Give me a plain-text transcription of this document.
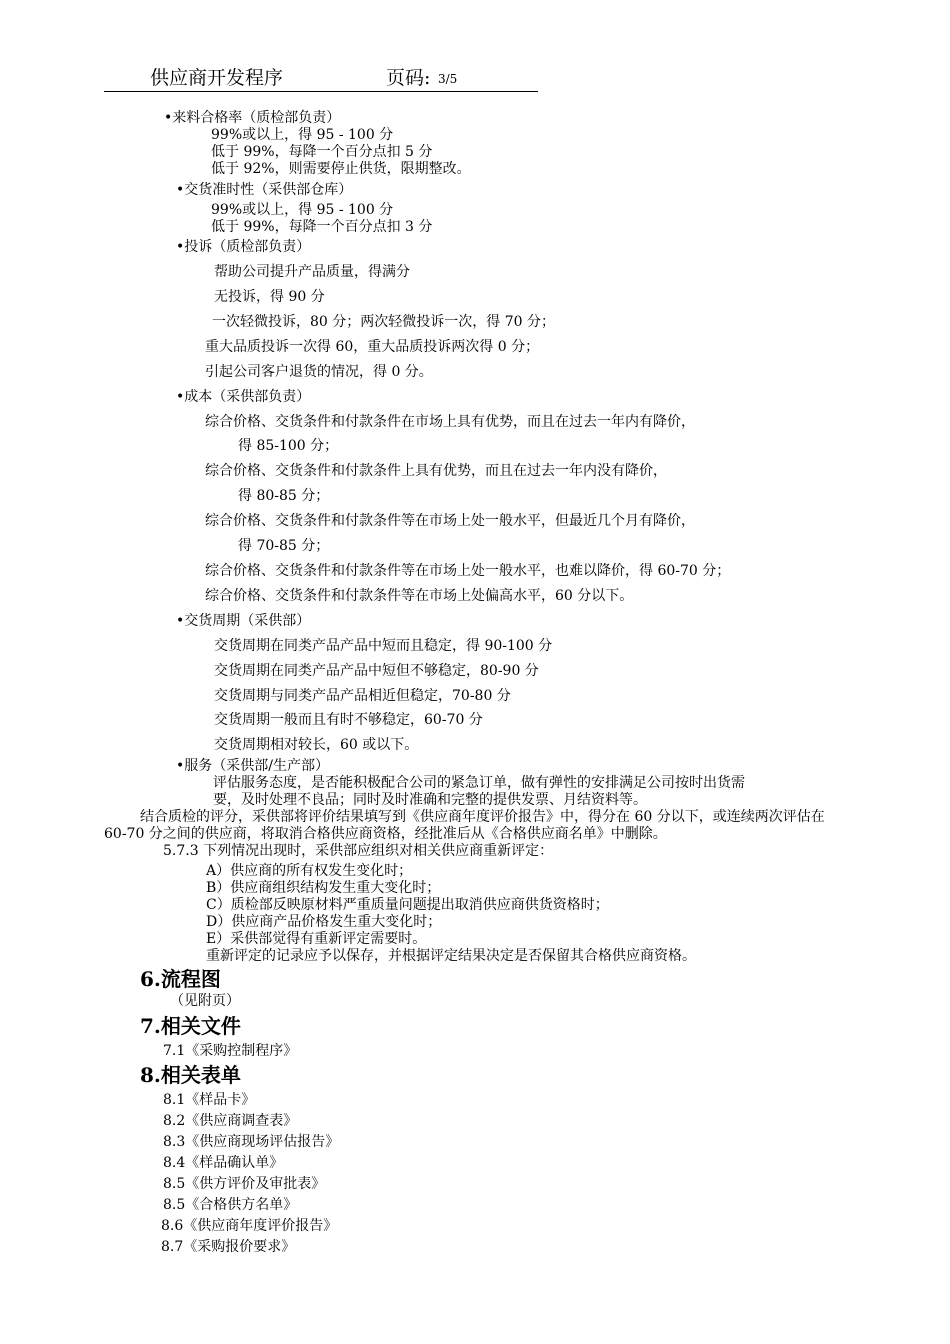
供应商开发程序	页码: 3/5
•来料合格率（质检部负责）
99%或以上，得 95 - 100 分
低于 99%，每降一个百分点扣 5 分
低于 92%，则需要停止供货，限期整改。
•交货准时性（采供部仓库）
99%或以上，得 95 - 100 分
低于 99%，每降一个百分点扣 3 分
•投诉（质检部负责）
帮助公司提升产品质量，得满分
无投诉，得 90 分
一次轻微投诉，80 分；两次轻微投诉一次，得 70 分；
重大品质投诉一次得 60，重大品质投诉两次得 0 分；
引起公司客户退货的情况，得 0 分。
•成本（采供部负责）
综合价格、交货条件和付款条件在市场上具有优势，而且在过去一年内有降价，
得 85-100 分；
综合价格、交货条件和付款条件上具有优势，而且在过去一年内没有降价，
得 80-85 分；
综合价格、交货条件和付款条件等在市场上处一般水平，但最近几个月有降价，
得 70-85 分；
综合价格、交货条件和付款条件等在市场上处一般水平，也难以降价，得 60-70 分；
综合价格、交货条件和付款条件等在市场上处偏高水平，60 分以下。
•交货周期（采供部）
交货周期在同类产品产品中短而且稳定，得 90-100 分
交货周期在同类产品产品中短但不够稳定，80-90 分
交货周期与同类产品产品相近但稳定，70-80 分
交货周期一般而且有时不够稳定，60-70 分
交货周期相对较长，60 或以下。
•服务（采供部/生产部）
评估服务态度，是否能积极配合公司的紧急订单，做有弹性的安排满足公司按时出货需
要，及时处理不良品；同时及时准确和完整的提供发票、月结资料等。
结合质检的评分，采供部将评价结果填写到《供应商年度评价报告》中，得分在 60 分以下，或连续两次评估在
60-70 分之间的供应商，将取消合格供应商资格，经批准后从《合格供应商名单》中删除。
5.7.3 下列情况出现时，采供部应组织对相关供应商重新评定：
A）供应商的所有权发生变化时；
B）供应商组织结构发生重大变化时；
C）质检部反映原材料严重质量问题提出取消供应商供货资格时；
D）供应商产品价格发生重大变化时；
E）采供部觉得有重新评定需要时。
重新评定的记录应予以保存，并根据评定结果决定是否保留其合格供应商资格。
6.流程图
（见附页）
7.相关文件
7.1《采购控制程序》
8.相关表单
8.1《样品卡》
8.2《供应商调查表》
8.3《供应商现场评估报告》
8.4《样品确认单》
8.5《供方评价及审批表》
8.5《合格供方名单》
8.6《供应商年度评价报告》
8.7《采购报价要求》
